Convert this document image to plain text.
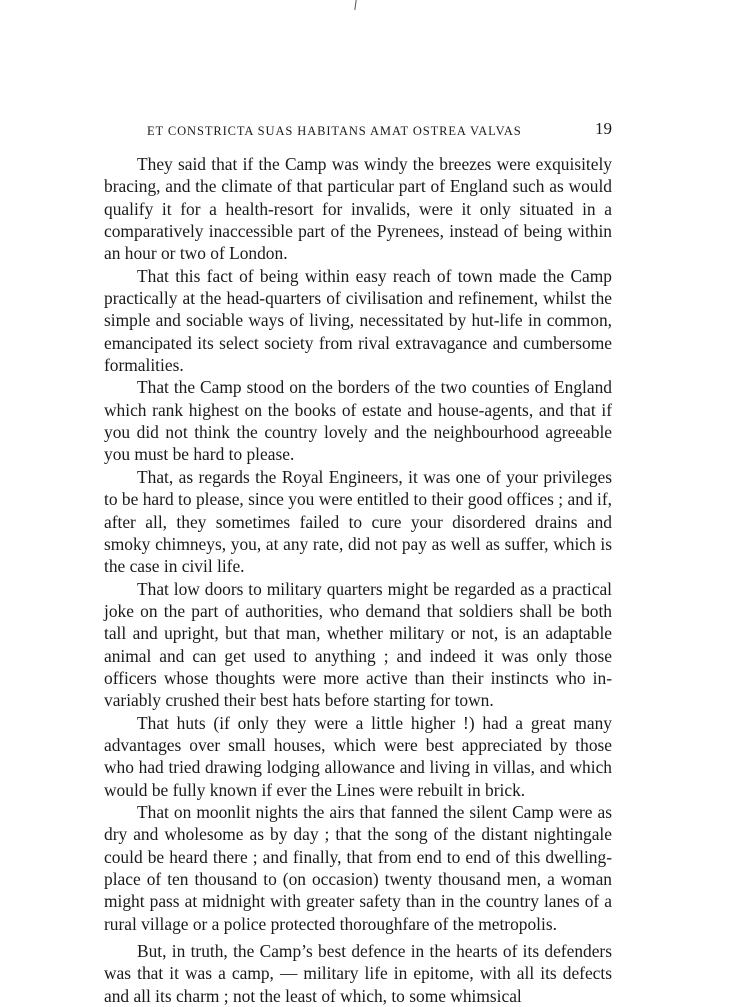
ET CONSTRICTA SUAS HABITANS AMAT OSTREA VALVAS	19

They said that if the Camp was windy the breezes were exquisitely bracing, and the climate of that particular part of England such as would qualify it for a health-resort for invalids, were it only situated in a comparatively inaccessible part of the Pyrenees, instead of being within an hour or two of London.

That this fact of being within easy reach of town made the Camp practically at the head-quarters of civilisation and refinement, whilst the simple and sociable ways of living, necessitated by hut-life in common, emancipated its select society from rival extravagance and cumbersome formalities.

That the Camp stood on the borders of the two counties of England which rank highest on the books of estate and house-agents, and that if you did not think the country lovely and the neighbourhood agreeable you must be hard to please.

That, as regards the Royal Engineers, it was one of your privileges to be hard to please, since you were entitled to their good offices ; and if, after all, they sometimes failed to cure your disordered drains and smoky chimneys, you, at any rate, did not pay as well as suffer, which is the case in civil life.

That low doors to military quarters might be regarded as a practical joke on the part of authorities, who demand that soldiers shall be both tall and upright, but that man, whether military or not, is an adaptable animal and can get used to anything ; and indeed it was only those officers whose thoughts were more active than their instincts who invariably crushed their best hats before starting for town.

That huts (if only they were a little higher !) had a great many advantages over small houses, which were best appreciated by those who had tried drawing lodging allowance and living in villas, and which would be fully known if ever the Lines were rebuilt in brick.

That on moonlit nights the airs that fanned the silent Camp were as dry and wholesome as by day ; that the song of the distant nightingale could be heard there ; and finally, that from end to end of this dwelling-place of ten thousand to (on occasion) twenty thousand men, a woman might pass at midnight with greater safety than in the country lanes of a rural village or a police protected thoroughfare of the metropolis.

But, in truth, the Camp’s best defence in the hearts of its defenders was that it was a camp, — military life in epitome, with all its defects and all its charm ; not the least of which, to some whimsical
